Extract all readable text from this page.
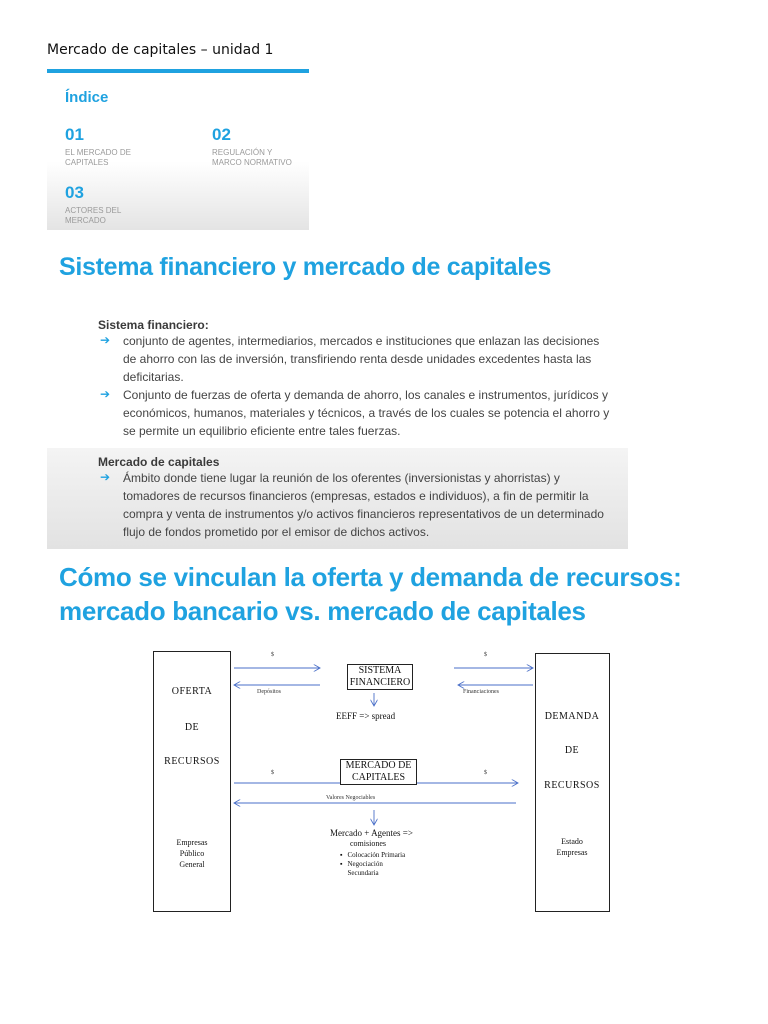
Mercado de capitales – unidad 1
Índice
01
EL MERCADO DE
CAPITALES
02
REGULACIÓN Y
MARCO NORMATIVO
03
ACTORES DEL
MERCADO
Sistema financiero y mercado de capitales
Sistema financiero:
➔ conjunto de agentes, intermediarios, mercados e instituciones que enlazan las decisiones de ahorro con las de inversión, transfiriendo renta desde unidades excedentes hasta las deficitarias.
➔ Conjunto de fuerzas de oferta y demanda de ahorro, los canales e instrumentos, jurídicos y económicos, humanos, materiales y técnicos, a través de los cuales se potencia el ahorro y se permite un equilibrio eficiente entre tales fuerzas.
Mercado de capitales
➔ Ámbito donde tiene lugar la reunión de los oferentes (inversionistas y ahorristas) y tomadores de recursos financieros (empresas, estados e individuos), a fin de permitir la compra y venta de instrumentos y/o activos financieros representativos de un determinado flujo de fondos prometido por el emisor de dichos activos.
Cómo se vinculan la oferta y demanda de recursos:
mercado bancario vs. mercado de capitales
OFERTA
DE
RECURSOS
Empresas
Público
General
DEMANDA
DE
RECURSOS
Estado
Empresas
$	$
Depósitos	Financiaciones
$	$
Valores Negociables
SISTEMA
FINANCIERO
EEFF => spread
MERCADO DE
CAPITALES
Mercado + Agentes =>
comisiones
▪ Colocación Primaria
▪ Negociación Secundaria
